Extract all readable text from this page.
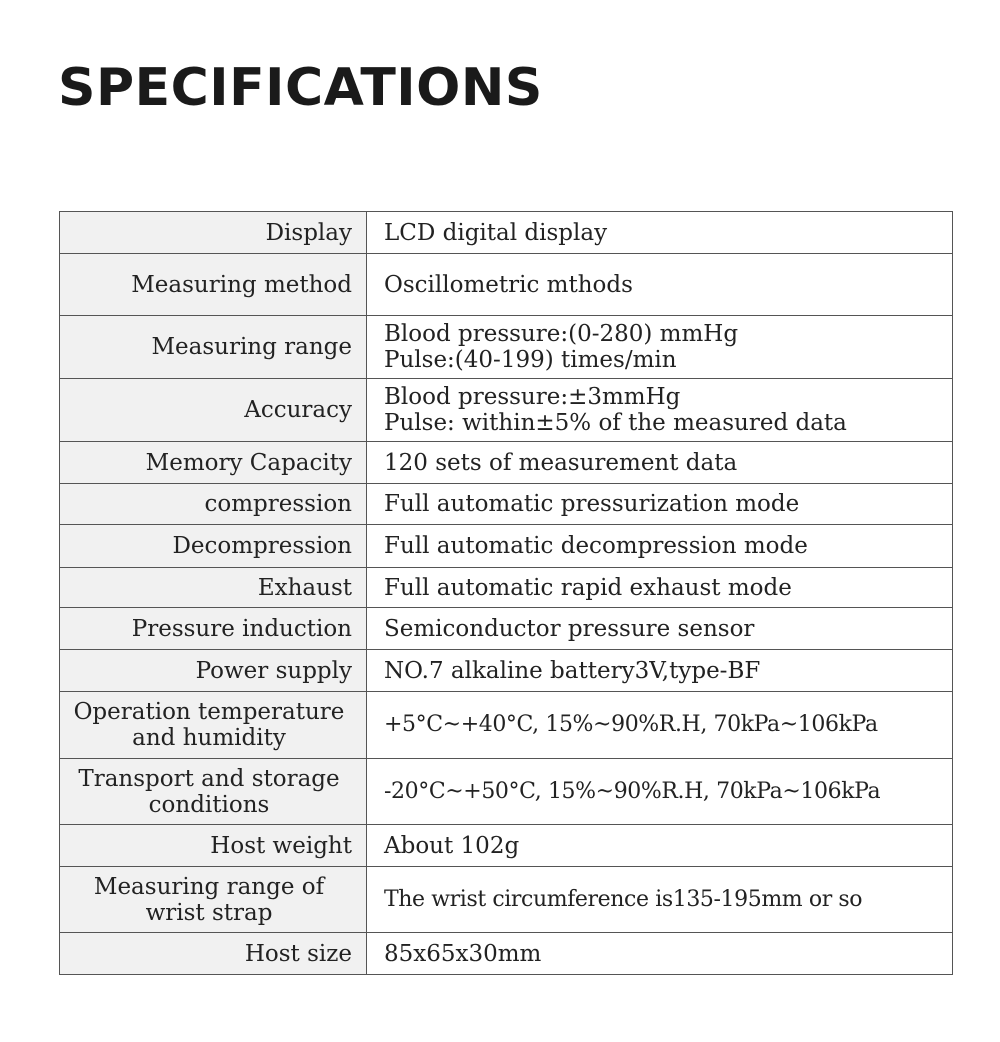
SPECIFICATIONS
Display	LCD digital display

Measuring method	Oscillometric mthods

Measuring range	Blood pressure:(0-280) mmHg
Pulse:(40-199) times/min

Accuracy	Blood pressure:±3mmHg
Pulse: within±5% of the measured data

Memory Capacity	120 sets of measurement data

compression	Full automatic pressurization mode

Decompression	Full automatic decompression mode

Exhaust	Full automatic rapid exhaust mode

Pressure induction	Semiconductor pressure sensor

Power supply	NO.7 alkaline battery3V,type-BF

Operation temperature
and humidity	+5°C~+40°C, 15%~90%R.H, 70kPa~106kPa

Transport and storage
conditions	-20°C~+50°C, 15%~90%R.H, 70kPa~106kPa

Host weight	About 102g

Measuring range of
wrist strap	The wrist circumference is135-195mm or so

Host size	85x65x30mm
